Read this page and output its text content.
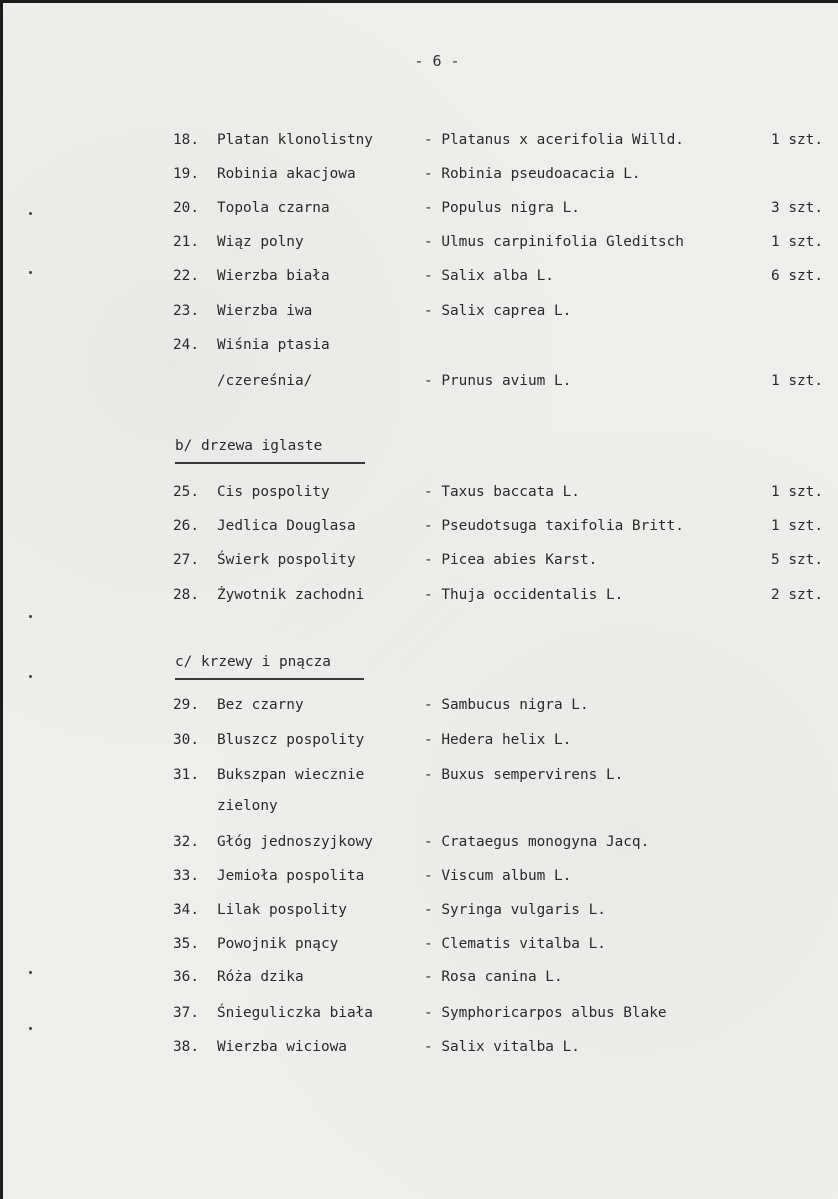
- 6 -
18. Platan klonolistny	- Platanus x acerifolia Willd.	1 szt.
19. Robinia akacjowa	- Robinia pseudoacacia L.
20. Topola czarna	- Populus nigra L.	3 szt.
21. Wiąz polny	- Ulmus carpinifolia Gleditsch	1 szt.
22. Wierzba biała	- Salix alba L.	6 szt.
23. Wierzba iwa	- Salix caprea L.
24. Wiśnia ptasia
/czereśnia/	- Prunus avium L.	1 szt.
b/ drzewa iglaste
25. Cis pospolity	- Taxus baccata L.	1 szt.
26. Jedlica Douglasa	- Pseudotsuga taxifolia Britt.	1 szt.
27. Świerk pospolity	- Picea abies Karst.	5 szt.
28. Żywotnik zachodni	- Thuja occidentalis L.	2 szt.
c/ krzewy i pnącza
29. Bez czarny	- Sambucus nigra L.
30. Bluszcz pospolity	- Hedera helix L.
31. Bukszpan wiecznie	- Buxus sempervirens L.
zielony
32. Głóg jednoszyjkowy	- Crataegus monogyna Jacq.
33. Jemioła pospolita	- Viscum album L.
34. Lilak pospolity	- Syringa vulgaris L.
35. Powojnik pnący	- Clematis vitalba L.
36. Róża dzika	- Rosa canina L.
37. Śnieguliczka biała	- Symphoricarpos albus Blake
38. Wierzba wiciowa	- Salix vitalba L.
